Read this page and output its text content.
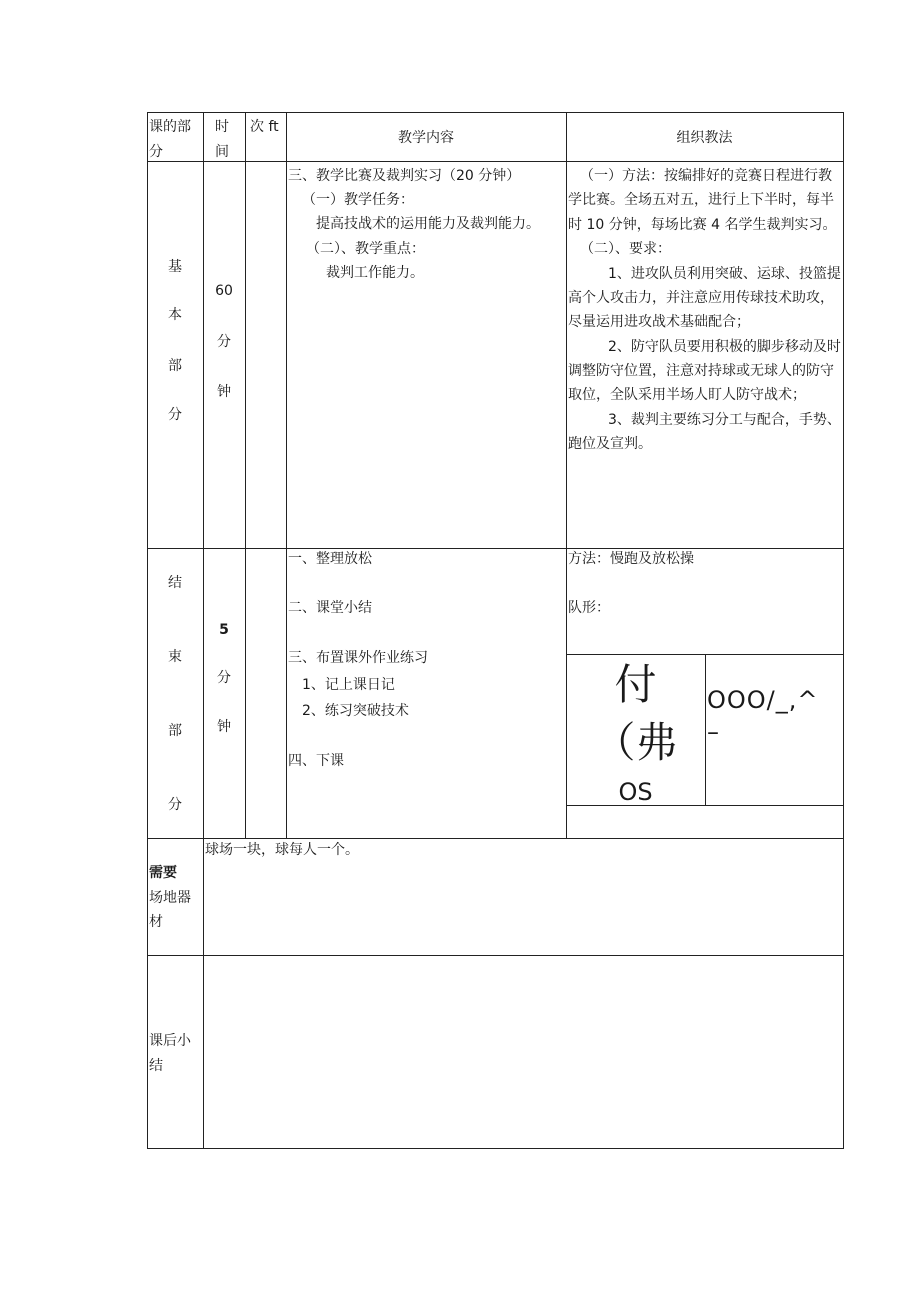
课的部
分
时
间
次 ft
教学内容	组织教法
基
本
部
分
60
分
钟
三、教学比赛及裁判实习（20 分钟）
（一）教学任务：
提高技战术的运用能力及裁判能力。
（二）、教学重点：
裁判工作能力。
（一）方法：按编排好的竞赛日程进行教
学比赛。全场五对五，进行上下半时，每半
时 10 分钟，每场比赛 4 名学生裁判实习。
（二）、要求：
1、进攻队员利用突破、运球、投篮提
高个人攻击力，并注意应用传球技术助攻，
尽量运用进攻战术基础配合；
2、防守队员要用积极的脚步移动及时
调整防守位置，注意对持球或无球人的防守
取位，全队采用半场人盯人防守战术；
3、裁判主要练习分工与配合，手势、
跑位及宣判。
结
束
部
分
5
分
钟
一、整理放松
二、课堂小结
三、布置课外作业练习
1、记上课日记
2、练习突破技术
四、下课
方法：慢跑及放松操
队形：
付
（弗
OS
OOO/_,^
–
需要
场地器
材
球场一块，球每人一个。
课后小
结
